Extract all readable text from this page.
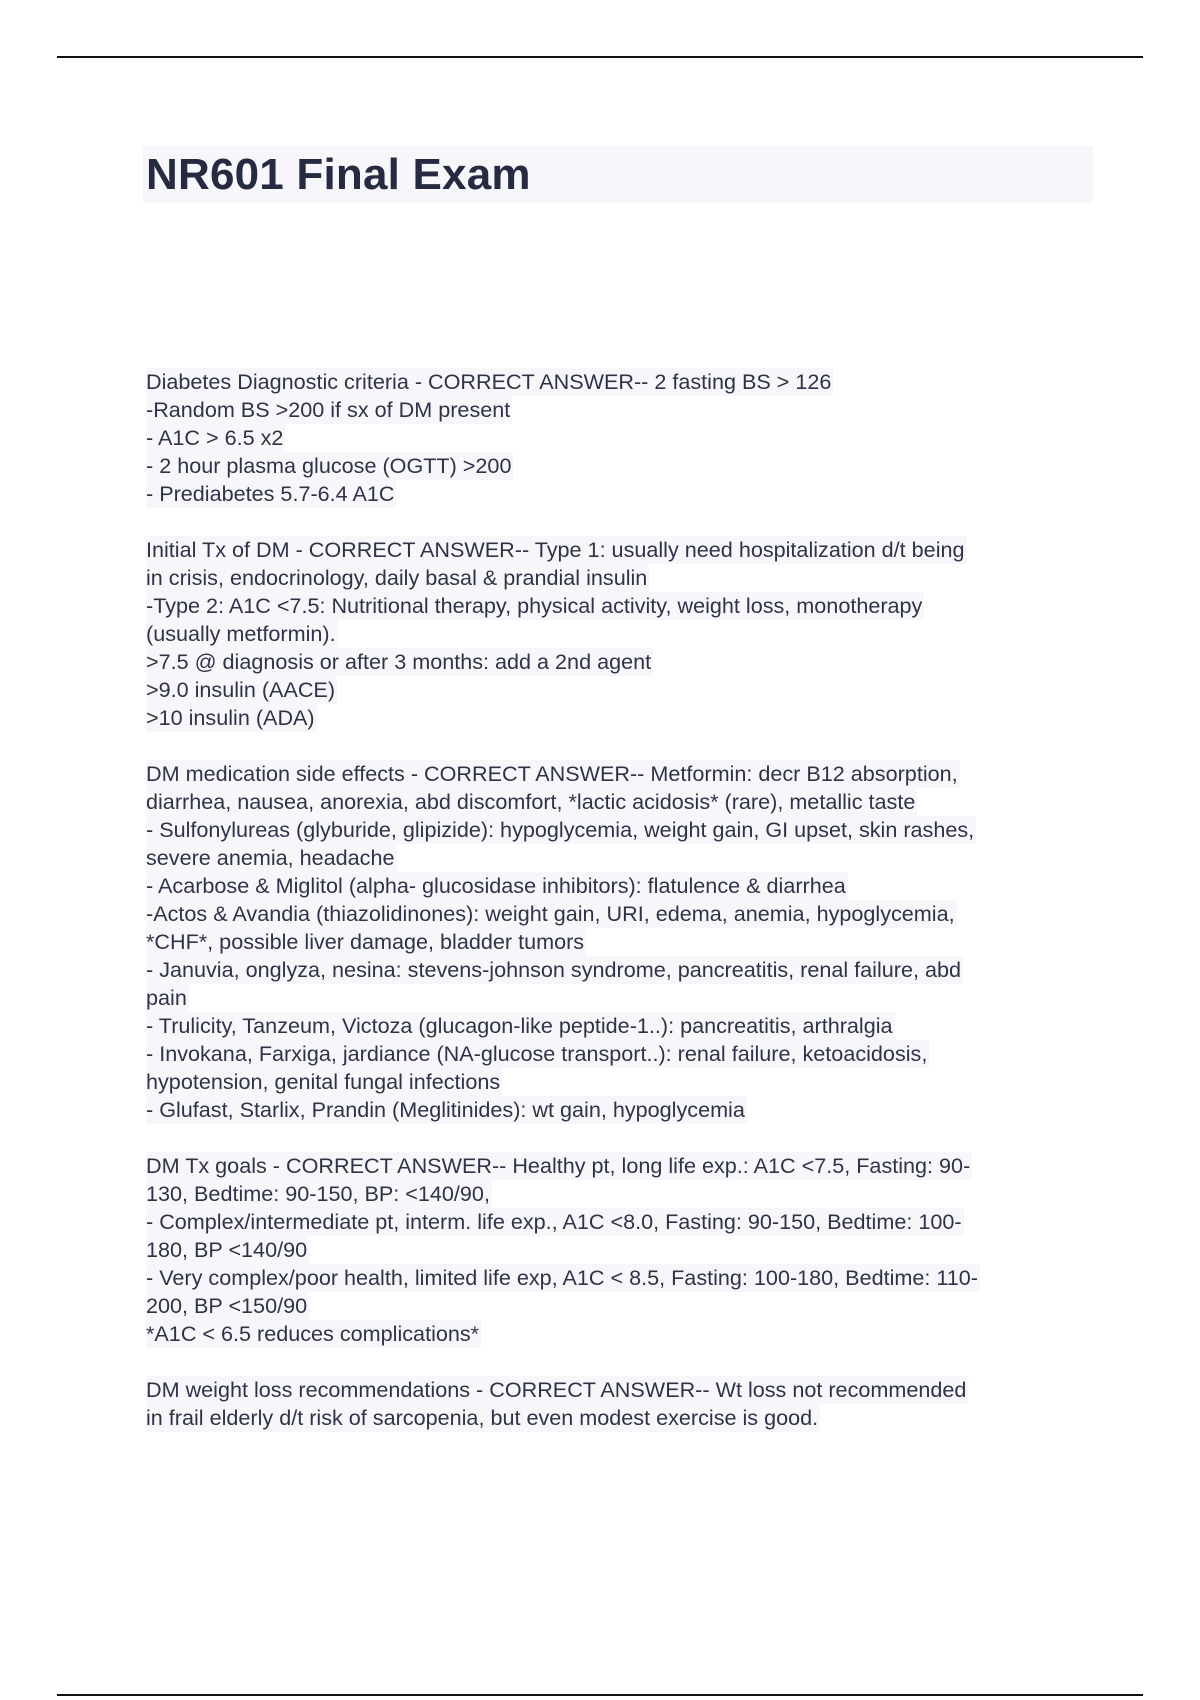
NR601 Final Exam
Diabetes Diagnostic criteria - CORRECT ANSWER-- 2 fasting BS > 126
-Random BS >200 if sx of DM present
- A1C > 6.5 x2
- 2 hour plasma glucose (OGTT) >200
- Prediabetes 5.7-6.4 A1C
Initial Tx of DM - CORRECT ANSWER-- Type 1: usually need hospitalization d/t being
in crisis, endocrinology, daily basal & prandial insulin
-Type 2: A1C <7.5: Nutritional therapy, physical activity, weight loss, monotherapy
(usually metformin).
>7.5 @ diagnosis or after 3 months: add a 2nd agent
>9.0 insulin (AACE)
>10 insulin (ADA)
DM medication side effects - CORRECT ANSWER-- Metformin: decr B12 absorption,
diarrhea, nausea, anorexia, abd discomfort, *lactic acidosis* (rare), metallic taste
- Sulfonylureas (glyburide, glipizide): hypoglycemia, weight gain, GI upset, skin rashes,
severe anemia, headache
- Acarbose & Miglitol (alpha- glucosidase inhibitors): flatulence & diarrhea
-Actos & Avandia (thiazolidinones): weight gain, URI, edema, anemia, hypoglycemia,
*CHF*, possible liver damage, bladder tumors
- Januvia, onglyza, nesina: stevens-johnson syndrome, pancreatitis, renal failure, abd
pain
- Trulicity, Tanzeum, Victoza (glucagon-like peptide-1..): pancreatitis, arthralgia
- Invokana, Farxiga, jardiance (NA-glucose transport..): renal failure, ketoacidosis,
hypotension, genital fungal infections
- Glufast, Starlix, Prandin (Meglitinides): wt gain, hypoglycemia
DM Tx goals - CORRECT ANSWER-- Healthy pt, long life exp.: A1C <7.5, Fasting: 90-
130, Bedtime: 90-150, BP: <140/90,
- Complex/intermediate pt, interm. life exp., A1C <8.0, Fasting: 90-150, Bedtime: 100-
180, BP <140/90
- Very complex/poor health, limited life exp, A1C < 8.5, Fasting: 100-180, Bedtime: 110-
200, BP <150/90
*A1C < 6.5 reduces complications*
DM weight loss recommendations - CORRECT ANSWER-- Wt loss not recommended
in frail elderly d/t risk of sarcopenia, but even modest exercise is good.
